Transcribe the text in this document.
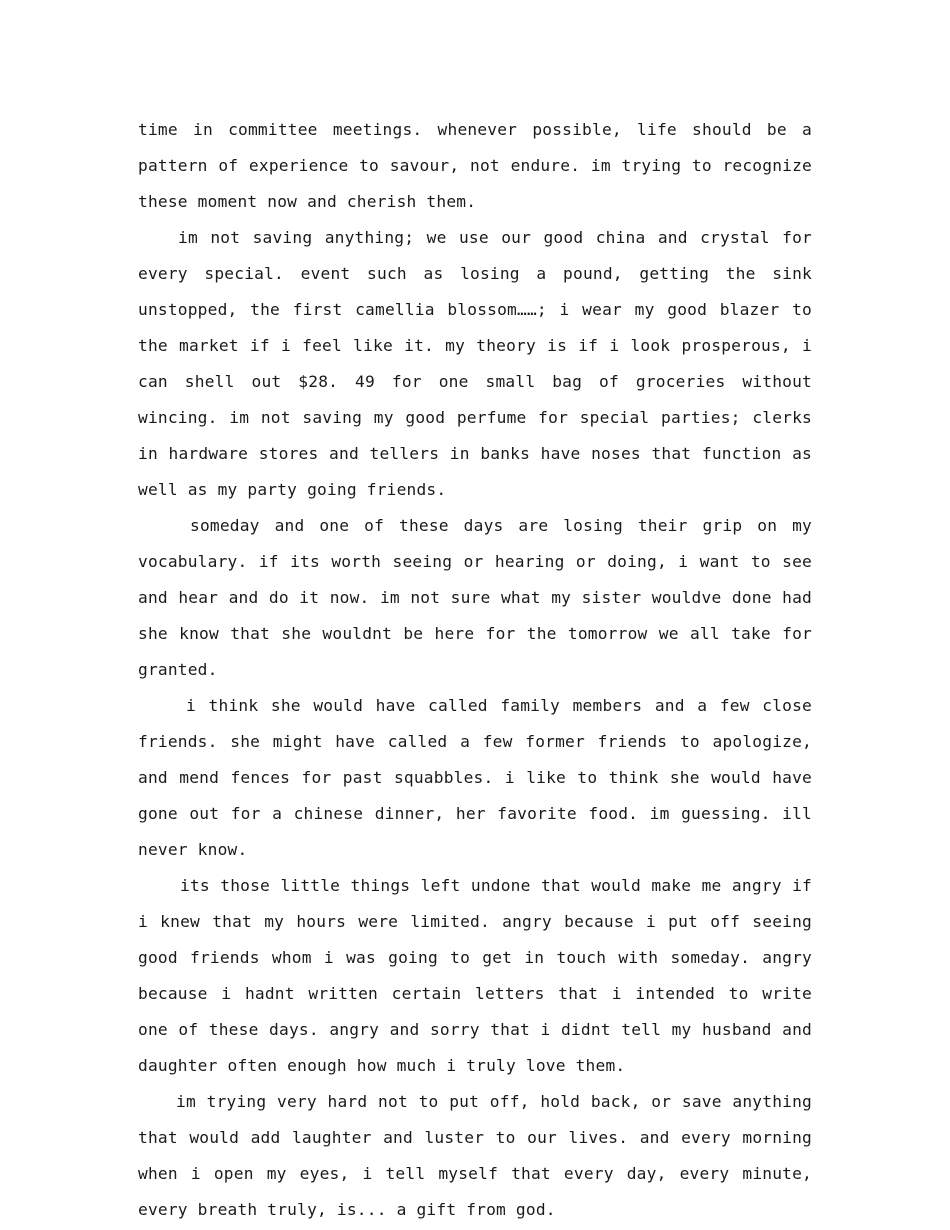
time in committee meetings. whenever possible, life should be a pattern of experience to savour, not endure. im trying to recognize these moment now and cherish them.

im not saving anything; we use our good china and crystal for every special. event such as losing a pound, getting the sink unstopped, the first camellia blossom……; i wear my good blazer to the market if i feel like it. my theory is if i look prosperous, i can shell out $28. 49 for one small bag of groceries without wincing. im not saving my good perfume for special parties; clerks in hardware stores and tellers in banks have noses that function as well as my party going friends.

someday and one of these days are losing their grip on my vocabulary. if its worth seeing or hearing or doing, i want to see and hear and do it now. im not sure what my sister wouldve done had she know that she wouldnt be here for the tomorrow we all take for granted.

i think she would have called family members and a few close friends. she might have called a few former friends to apologize, and mend fences for past squabbles. i like to think she would have gone out for a chinese dinner, her favorite food. im guessing. ill never know.

its those little things left undone that would make me angry if i knew that my hours were limited. angry because i put off seeing good friends whom i was going to get in touch with someday. angry because i hadnt written certain letters that i intended to write one of these days. angry and sorry that i didnt tell my husband and daughter often enough how much i truly love them.

im trying very hard not to put off, hold back, or save anything that would add laughter and luster to our lives. and every morning when i open my eyes, i tell myself that every day, every minute, every breath truly, is... a gift from god.
